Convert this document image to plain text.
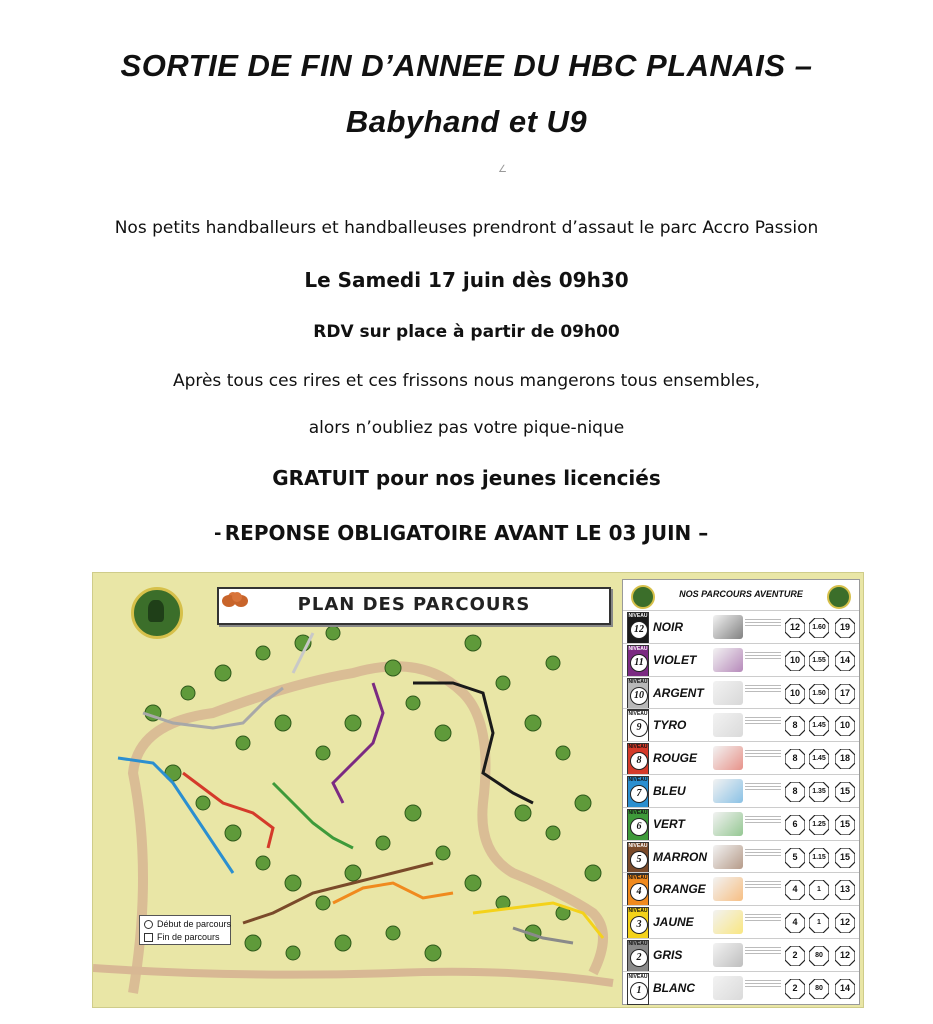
SORTIE DE FIN D’ANNEE DU HBC PLANAIS –
Babyhand et U9
∠
Nos petits handballeurs et handballeuses prendront d’assaut le parc Accro Passion
Le Samedi 17 juin dès 09h30
RDV sur place à partir de 09h00
Après tous ces rires et ces frissons nous mangerons tous ensembles,
alors n’oubliez pas votre pique-nique
GRATUIT pour nos jeunes licenciés
- REPONSE OBLIGATOIRE AVANT LE 03 JUIN –
PLAN DES PARCOURS
Début de parcours
Fin de parcours
NOS PARCOURS AVENTURE
NIVEAU
12 NOIR	12	1.60	19
NIVEAU
11 VIOLET	10	1.55	14
NIVEAU
10 ARGENT	10	1.50	17
NIVEAU
9 TYRO	8	1.45	10
NIVEAU
8 ROUGE	8	1.45	18
NIVEAU
7 BLEU	8	1.35	15
NIVEAU
6 VERT	6	1.25	15
NIVEAU
5 MARRON	5	1.15	15
NIVEAU
4 ORANGE	4	1	13
NIVEAU
3 JAUNE	4	1	12
NIVEAU
2 GRIS	2	80	12
NIVEAU
1 BLANC	2	80	14
